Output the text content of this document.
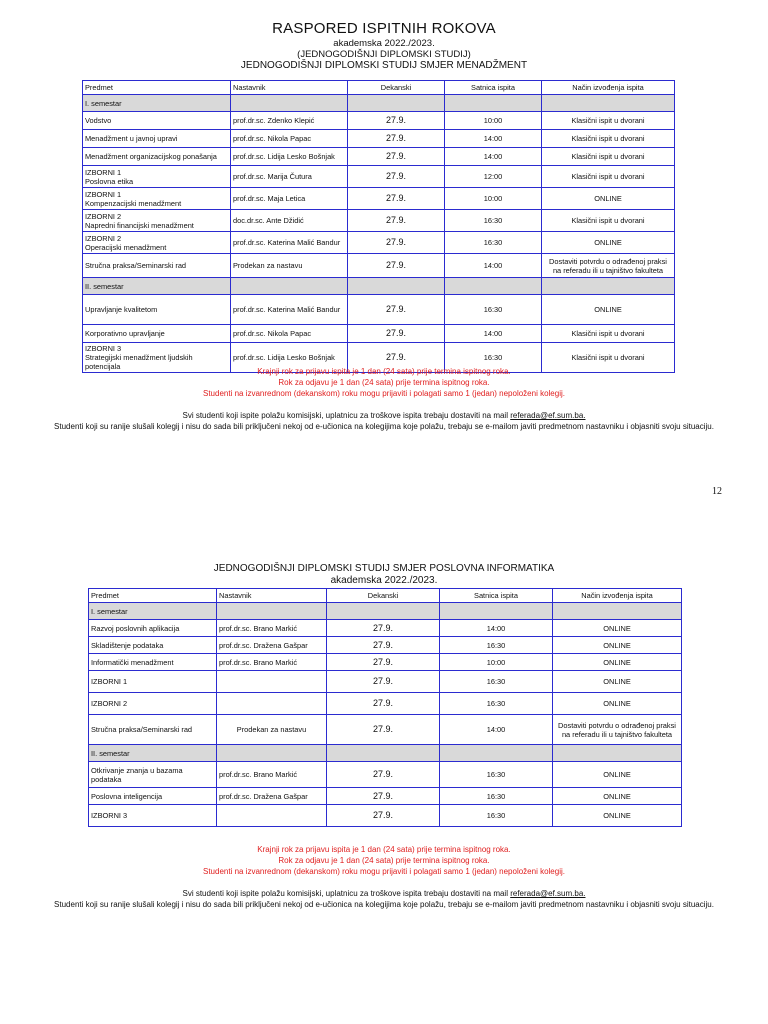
RASPORED ISPITNIH ROKOVA
akademska 2022./2023.
(JEDNOGODIŠNJI DIPLOMSKI STUDIJ)
JEDNOGODIŠNJI DIPLOMSKI STUDIJ SMJER MENADŽMENT
Predmet	Nastavnik	Dekanski	Satnica ispita	Način izvođenja ispita
I. semestar				

Vodstvo	prof.dr.sc. Zdenko Klepić	27.9.	10:00	Klasični ispit u dvorani

Menadžment u javnoj upravi	prof.dr.sc. Nikola Papac	27.9.	14:00	Klasični ispit u dvorani

Menadžment organizacijskog ponašanja	prof.dr.sc. Lidija Lesko Bošnjak	27.9.	14:00	Klasični ispit u dvorani

IZBORNI 1
Poslovna etika	prof.dr.sc. Marija Čutura	27.9.	12:00	Klasični ispit u dvorani

IZBORNI 1
Kompenzacijski menadžment	prof.dr.sc. Maja Letica	27.9.	10:00	ONLINE

IZBORNI 2
Napredni financijski menadžment	doc.dr.sc. Ante Džidić	27.9.	16:30	Klasični ispit u dvorani

IZBORNI 2
Operacijski menadžment	prof.dr.sc. Katerina Malić Bandur	27.9.	16:30	ONLINE

Stručna praksa/Seminarski rad	Prodekan za nastavu	27.9.	14:00	Dostaviti potvrdu o odrađenoj praksi na referadu ili u tajništvo fakulteta
II. semestar				

Upravljanje kvalitetom	prof.dr.sc. Katerina Malić Bandur	27.9.	16:30	ONLINE

Korporativno upravljanje	prof.dr.sc. Nikola Papac	27.9.	14:00	Klasični ispit u dvorani

IZBORNI 3
Strategijski menadžment ljudskih potencijala	prof.dr.sc. Lidija Lesko Bošnjak	27.9.	16:30	Klasični ispit u dvorani
Krajnji rok za prijavu ispita je 1 dan (24 sata) prije termina ispitnog roka.
Rok za odjavu je 1 dan (24 sata) prije termina ispitnog roka.
Studenti na izvanrednom (dekanskom) roku mogu prijaviti i polagati samo 1 (jedan) nepoloženi kolegij.
Svi studenti koji ispite polažu komisijski, uplatnicu za troškove ispita trebaju dostaviti na mail referada@ef.sum.ba.
Studenti koji su ranije slušali kolegij i nisu do sada bili priključeni nekoj od e-učionica na kolegijima koje polažu, trebaju se e-mailom javiti predmetnom nastavniku i objasniti svoju situaciju.
12
JEDNOGODIŠNJI DIPLOMSKI STUDIJ SMJER POSLOVNA INFORMATIKA
akademska 2022./2023.
Predmet	Nastavnik	Dekanski	Satnica ispita	Način izvođenja ispita
I. semestar				

Razvoj poslovnih aplikacija	prof.dr.sc. Brano Markić	27.9.	14:00	ONLINE

Skladištenje podataka	prof.dr.sc. Dražena Gašpar	27.9.	16:30	ONLINE

Informatički menadžment	prof.dr.sc. Brano Markić	27.9.	10:00	ONLINE

IZBORNI 1		27.9.	16:30	ONLINE

IZBORNI 2		27.9.	16:30	ONLINE

Stručna praksa/Seminarski rad	Prodekan za nastavu	27.9.	14:00	Dostaviti potvrdu o odrađenoj praksi na referadu ili u tajništvo fakulteta
II. semestar				

Otkrivanje znanja u bazama podataka	prof.dr.sc. Brano Markić	27.9.	16:30	ONLINE

Poslovna inteligencija	prof.dr.sc. Dražena Gašpar	27.9.	16:30	ONLINE

IZBORNI 3		27.9.	16:30	ONLINE
Krajnji rok za prijavu ispita je 1 dan (24 sata) prije termina ispitnog roka.
Rok za odjavu je 1 dan (24 sata) prije termina ispitnog roka.
Studenti na izvanrednom (dekanskom) roku mogu prijaviti i polagati samo 1 (jedan) nepoloženi kolegij.
Svi studenti koji ispite polažu komisijski, uplatnicu za troškove ispita trebaju dostaviti na mail referada@ef.sum.ba.
Studenti koji su ranije slušali kolegij i nisu do sada bili priključeni nekoj od e-učionica na kolegijima koje polažu, trebaju se e-mailom javiti predmetnom nastavniku i objasniti svoju situaciju.
